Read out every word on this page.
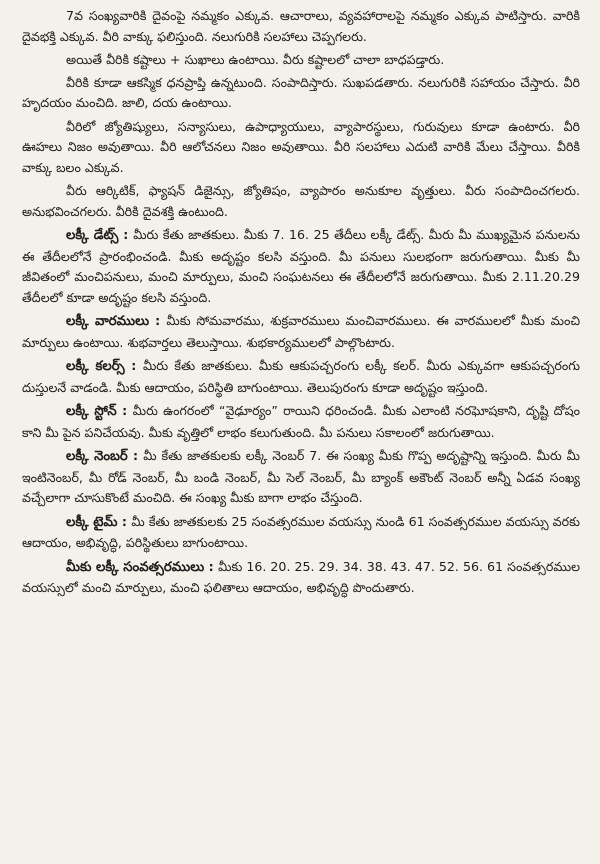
7వ సంఖ్యవారికి దైవంపై నమ్మకం ఎక్కువ. ఆచారాలు, వ్యవహారాలపై నమ్మకం ఎక్కువ పాటిస్తారు. వారికి దైవభక్తి ఎక్కువ. వీరి వాక్కు ఫలిస్తుంది. నలుగురికి సలహాలు చెప్పగలరు.

అయితే వీరికి కష్టాలు + సుఖాలు ఉంటాయి. వీరు కష్టాలలో చాలా బాధపడ్తారు.

వీరికి కూడా ఆకస్మిక ధనప్రాప్తి ఉన్నటుంది. సంపాదిస్తారు. సుఖపడతారు. నలుగురికి సహాయం చేస్తారు. వీరి హృదయం మంచిది. జాలి, దయ ఉంటాయి.

వీరిలో జ్యోతిష్యులు, సన్యాసులు, ఉపాధ్యాయులు, వ్యాపారస్థులు, గురువులు కూడా ఉంటారు. వీరి ఊహలు నిజం అవుతాయి. వీరి ఆలోచనలు నిజం అవుతాయి. వీరి సలహాలు ఎదుటి వారికి మేలు చేస్తాయి. వీరికి వాక్కు బలం ఎక్కువ.

వీరు ఆర్కిటిక్, ఫ్యాషన్ డిజైన్సు, జ్యోతిషం, వ్యాపారం అనుకూల వృత్తులు. వీరు సంపాదించగలరు. అనుభవించగలరు. వీరికి దైవశక్తి ఉంటుంది.

లక్కీ డేట్స్ : మీరు కేతు జాతకులు. మీకు 7. 16. 25 తేదీలు లక్కీ డేట్స్. మీరు మీ ముఖ్యమైన పనులను ఈ తేదీలలోనే ప్రారంభించండి. మీకు అదృష్టం కలసి వస్తుంది. మీ పనులు సులభంగా జరుగుతాయి. మీకు మీ జీవితంలో మంచిపనులు, మంచి మార్పులు, మంచి సంఘటనలు ఈ తేదీలలోనే జరుగుతాయి. మీకు 2.11.20.29 తేదీలలో కూడా అదృష్టం కలసి వస్తుంది.

లక్కీ వారములు : మీకు సోమవారము, శుక్రవారములు మంచివారములు. ఈ వారములలో మీకు మంచి మార్పులు ఉంటాయి. శుభవార్తలు తెలుస్తాయి. శుభకార్యములలో పాల్గొంటారు.

లక్కీ కలర్స్ : మీరు కేతు జాతకులు. మీకు ఆకుపచ్చరంగు లక్కీ కలర్. మీరు ఎక్కువగా ఆకుపచ్చరంగు దుస్తులనే వాడండి. మీకు ఆదాయం, పరిస్థితి బాగుంటాయి. తెలుపురంగు కూడా అదృష్టం ఇస్తుంది.

లక్కీ స్టోన్ : మీరు ఉంగరంలో “వైఢూర్యం” రాయిని ధరించండి. మీకు ఎలాంటి నరఘోషకాని, దృష్టి దోషం కాని మీ పైన పనిచేయవు. మీకు వృత్తిలో లాభం కలుగుతుంది. మీ పనులు సకాలంలో జరుగుతాయి.

లక్కీ నెంబర్ : మీ కేతు జాతకులకు లక్కీ నెంబర్ 7. ఈ సంఖ్య మీకు గొప్ప అదృష్టాన్ని ఇస్తుంది. మీరు మీ ఇంటినెంబర్, మీ రోడ్ నెంబర్, మీ బండి నెంబర్, మీ సెల్ నెంబర్, మీ బ్యాంక్ అకౌంట్ నెంబర్ అన్నీ ఏడవ సంఖ్య వచ్చేలాగా చూసుకొంటే మంచిది. ఈ సంఖ్య మీకు బాగా లాభం చేస్తుంది.

లక్కీ టైమ్ : మీ కేతు జాతకులకు 25 సంవత్సరముల వయస్సు నుండి 61 సంవత్సరముల వయస్సు వరకు ఆదాయం, అభివృద్ధి, పరిస్థితులు బాగుంటాయి.

మీకు లక్కీ సంవత్సరములు : మీకు 16. 20. 25. 29. 34. 38. 43. 47. 52. 56. 61 సంవత్సరముల వయస్సులో మంచి మార్పులు, మంచి ఫలితాలు ఆదాయం, అభివృద్ధి పొందుతారు.
